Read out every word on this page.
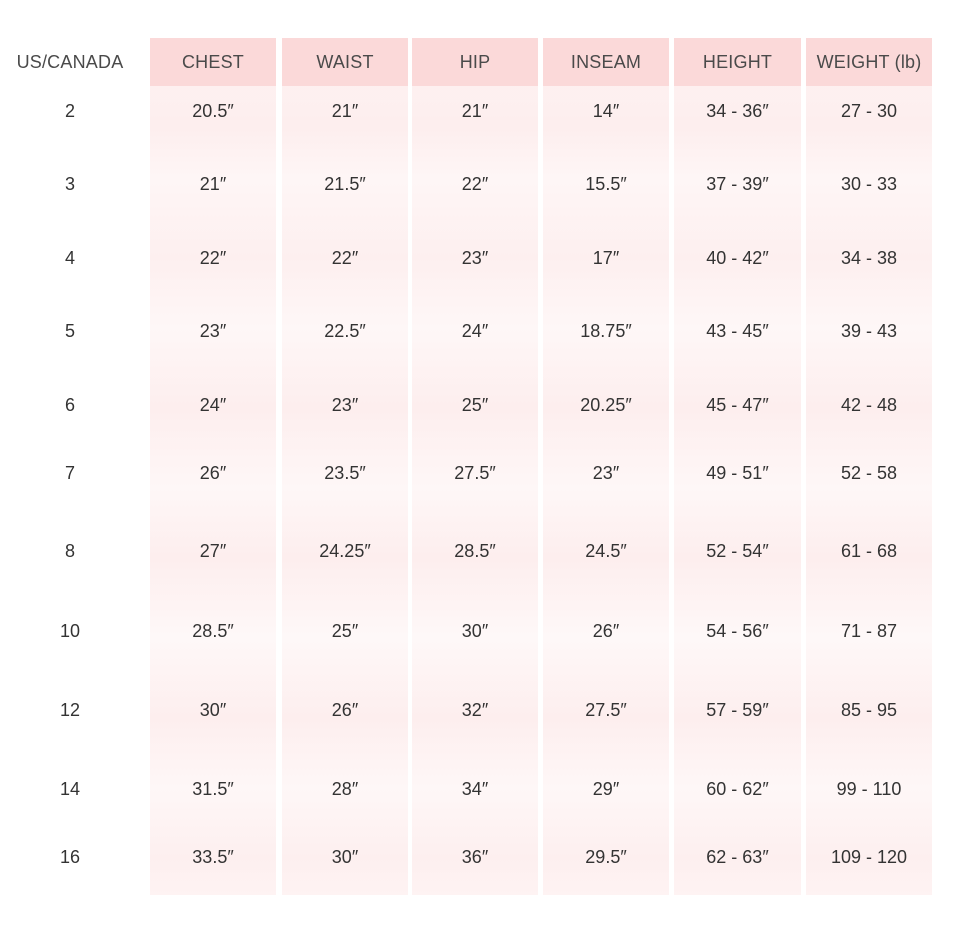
US/CANADA
2
3
4
5
6
7
8
10
12
14
16
CHEST
20.5″
21″
22″
23″
24″
26″
27″
28.5″
30″
31.5″
33.5″
WAIST
21″
21.5″
22″
22.5″
23″
23.5″
24.25″
25″
26″
28″
30″
HIP
21″
22″
23″
24″
25″
27.5″
28.5″
30″
32″
34″
36″
INSEAM
14″
15.5″
17″
18.75″
20.25″
23″
24.5″
26″
27.5″
29″
29.5″
HEIGHT
34 - 36″
37 - 39″
40 - 42″
43 - 45″
45 - 47″
49 - 51″
52 - 54″
54 - 56″
57 - 59″
60 - 62″
62 - 63″
WEIGHT (lb)
27 - 30
30 - 33
34 - 38
39 - 43
42 - 48
52 - 58
61 - 68
71 - 87
85 - 95
99 - 110
109 - 120
